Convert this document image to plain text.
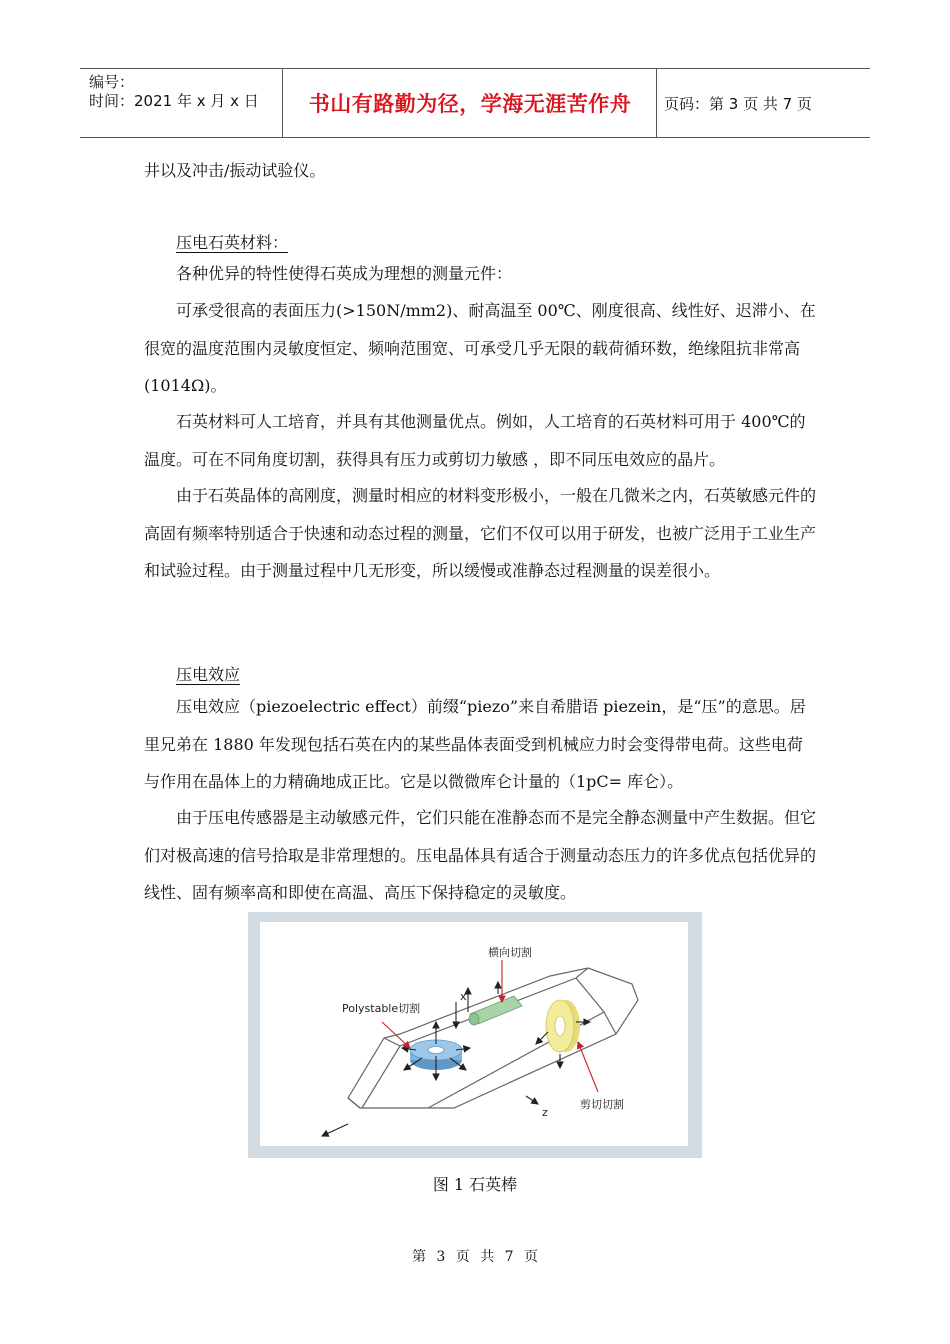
编号：
时间：2021 年 x 月 x 日	书山有路勤为径，学海无涯苦作舟	页码：第 3 页 共 7 页

井以及冲击/振动试验仪。

压电石英材料：

各种优异的特性使得石英成为理想的测量元件：

可承受很高的表面压力(>150N/mm2)、耐高温至 00℃、刚度很高、线性好、迟滞小、在很宽的温度范围内灵敏度恒定、频响范围宽、可承受几乎无限的载荷循环数，绝缘阻抗非常高(1014Ω)。

石英材料可人工培育，并具有其他测量优点。例如，人工培育的石英材料可用于 400℃的温度。可在不同角度切割，获得具有压力或剪切力敏感 ，即不同压电效应的晶片。

由于石英晶体的高刚度，测量时相应的材料变形极小，一般在几微米之内，石英敏感元件的高固有频率特别适合于快速和动态过程的测量，它们不仅可以用于研发，也被广泛用于工业生产和试验过程。由于测量过程中几无形变，所以缓慢或准静态过程测量的误差很小。

压电效应

压电效应（piezoelectric effect）前缀“piezo”来自希腊语 piezein，是“压”的意思。居里兄弟在 1880 年发现包括石英在内的某些晶体表面受到机械应力时会变得带电荷。这些电荷与作用在晶体上的力精确地成正比。它是以微微库仑计量的（1pC= 库仑）。

由于压电传感器是主动敏感元件，它们只能在准静态而不是完全静态测量中产生数据。但它们对极高速的信号拾取是非常理想的。压电晶体具有适合于测量动态压力的许多优点包括优异的线性、固有频率高和即使在高温、高压下保持稳定的灵敏度。

横向切割
Polystable切割
剪切切割
x
z
图 1 石英棒
第 3 页 共 7 页
